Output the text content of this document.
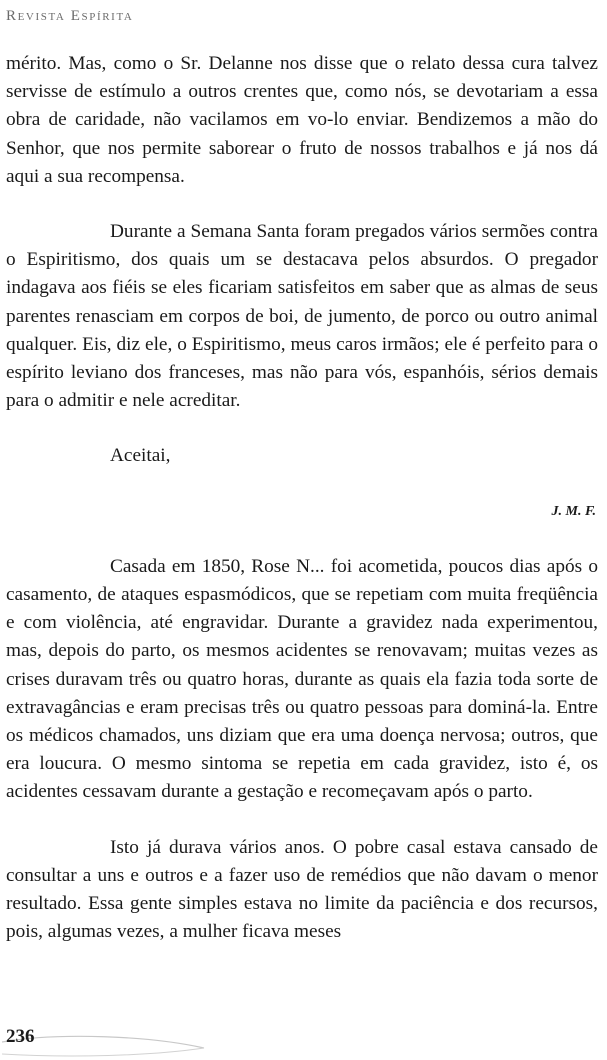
Revista Espírita

mérito. Mas, como o Sr. Delanne nos disse que o relato dessa cura talvez servisse de estímulo a outros crentes que, como nós, se devotariam a essa obra de caridade, não vacilamos em vo-lo enviar. Bendizemos a mão do Senhor, que nos permite saborear o fruto de nossos trabalhos e já nos dá aqui a sua recompensa.

Durante a Semana Santa foram pregados vários sermões contra o Espiritismo, dos quais um se destacava pelos absurdos. O pregador indagava aos fiéis se eles ficariam satisfeitos em saber que as almas de seus parentes renasciam em corpos de boi, de jumento, de porco ou outro animal qualquer. Eis, diz ele, o Espiritismo, meus caros irmãos; ele é perfeito para o espírito leviano dos franceses, mas não para vós, espanhóis, sérios demais para o admitir e nele acreditar.

Aceitai,

J. M. F.

Casada em 1850, Rose N... foi acometida, poucos dias após o casamento, de ataques espasmódicos, que se repetiam com muita freqüência e com violência, até engravidar. Durante a gravidez nada experimentou, mas, depois do parto, os mesmos acidentes se renovavam; muitas vezes as crises duravam três ou quatro horas, durante as quais ela fazia toda sorte de extravagâncias e eram precisas três ou quatro pessoas para dominá-la. Entre os médicos chamados, uns diziam que era uma doença nervosa; outros, que era loucura. O mesmo sintoma se repetia em cada gravidez, isto é, os acidentes cessavam durante a gestação e recomeçavam após o parto.

Isto já durava vários anos. O pobre casal estava cansado de consultar a uns e outros e a fazer uso de remédios que não davam o menor resultado. Essa gente simples estava no limite da paciência e dos recursos, pois, algumas vezes, a mulher ficava meses

236
